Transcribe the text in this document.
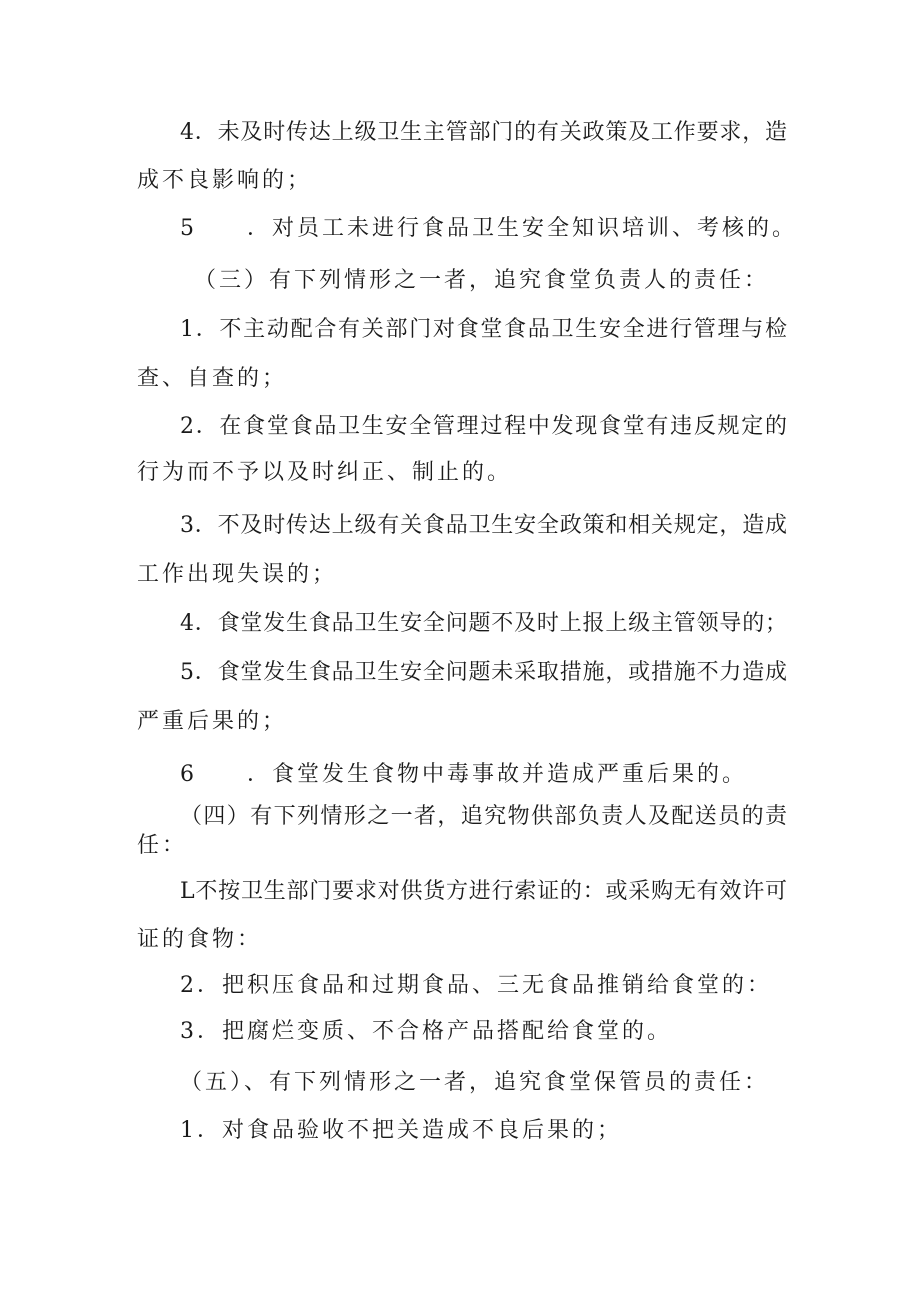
4．未及时传达上级卫生主管部门的有关政策及工作要求，造
成不良影响的；
5　　．对员工未进行食品卫生安全知识培训、考核的。
（三）有下列情形之一者，追究食堂负责人的责任：
1．不主动配合有关部门对食堂食品卫生安全进行管理与检
查、自查的；
2．在食堂食品卫生安全管理过程中发现食堂有违反规定的
行为而不予以及时纠正、制止的。
3．不及时传达上级有关食品卫生安全政策和相关规定，造成
工作出现失误的；
4．食堂发生食品卫生安全问题不及时上报上级主管领导的；
5．食堂发生食品卫生安全问题未采取措施，或措施不力造成
严重后果的；
6　　．食堂发生食物中毒事故并造成严重后果的。
（四）有下列情形之一者，追究物供部负责人及配送员的责
任：
L不按卫生部门要求对供货方进行索证的：或采购无有效许可
证的食物：
2．把积压食品和过期食品、三无食品推销给食堂的：
3．把腐烂变质、不合格产品搭配给食堂的。
（五）、有下列情形之一者，追究食堂保管员的责任：
1．对食品验收不把关造成不良后果的；
